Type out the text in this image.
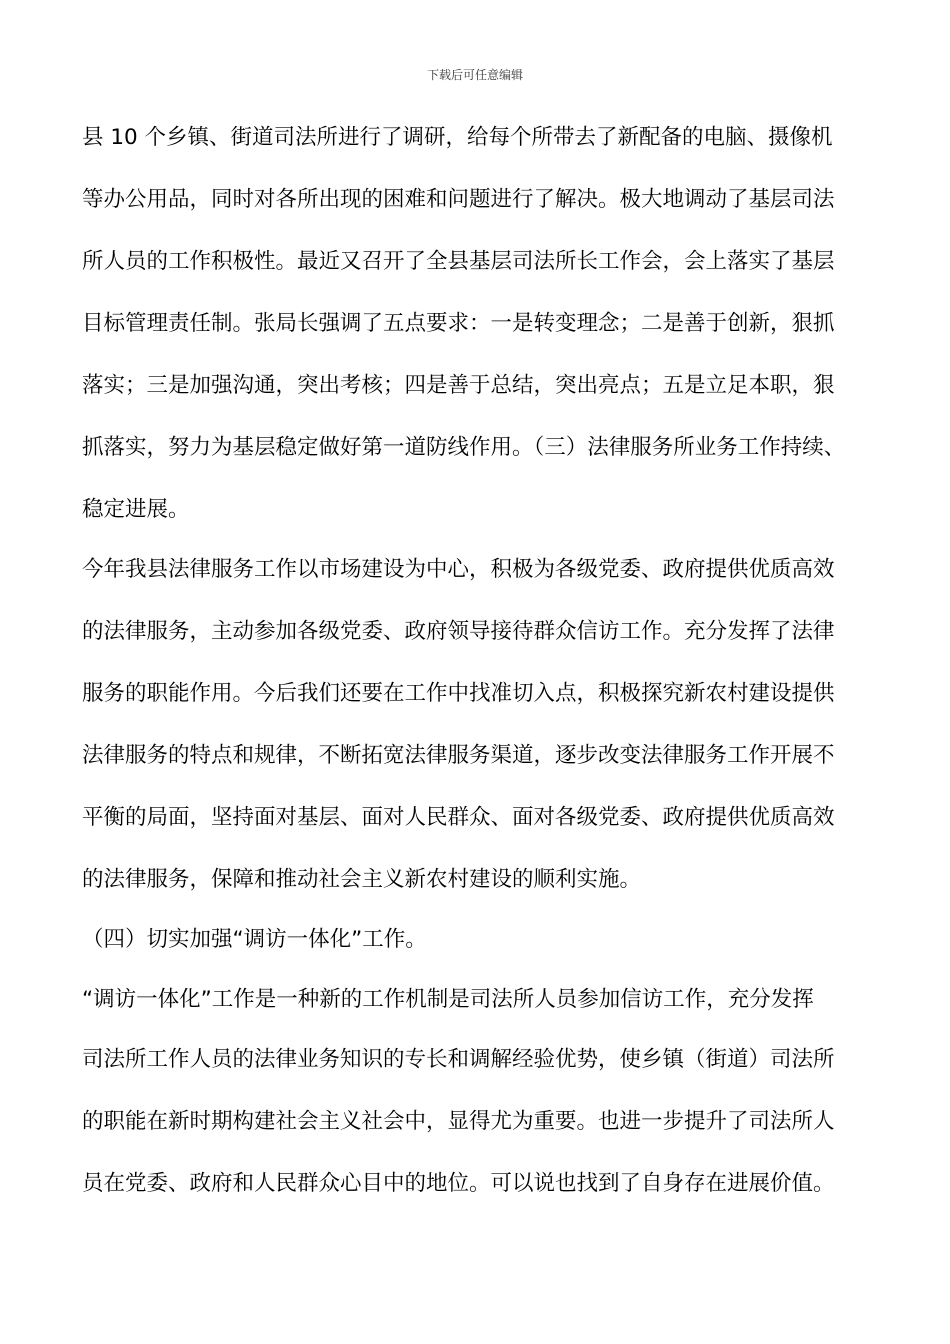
下载后可任意编辑
县 10 个乡镇、街道司法所进行了调研，给每个所带去了新配备的电脑、摄像机
等办公用品，同时对各所出现的困难和问题进行了解决。极大地调动了基层司法
所人员的工作积极性。最近又召开了全县基层司法所长工作会，会上落实了基层
目标管理责任制。张局长强调了五点要求：一是转变理念；二是善于创新，狠抓
落实；三是加强沟通，突出考核；四是善于总结，突出亮点；五是立足本职，狠
抓落实，努力为基层稳定做好第一道防线作用。（三）法律服务所业务工作持续、
稳定进展。
今年我县法律服务工作以市场建设为中心，积极为各级党委、政府提供优质高效
的法律服务，主动参加各级党委、政府领导接待群众信访工作。充分发挥了法律
服务的职能作用。今后我们还要在工作中找准切入点，积极探究新农村建设提供
法律服务的特点和规律，不断拓宽法律服务渠道，逐步改变法律服务工作开展不
平衡的局面，坚持面对基层、面对人民群众、面对各级党委、政府提供优质高效
的法律服务，保障和推动社会主义新农村建设的顺利实施。
（四）切实加强“调访一体化”工作。
“调访一体化”工作是一种新的工作机制是司法所人员参加信访工作，充分发挥
司法所工作人员的法律业务知识的专长和调解经验优势，使乡镇（街道）司法所
的职能在新时期构建社会主义社会中，显得尤为重要。也进一步提升了司法所人
员在党委、政府和人民群众心目中的地位。可以说也找到了自身存在进展价值。
